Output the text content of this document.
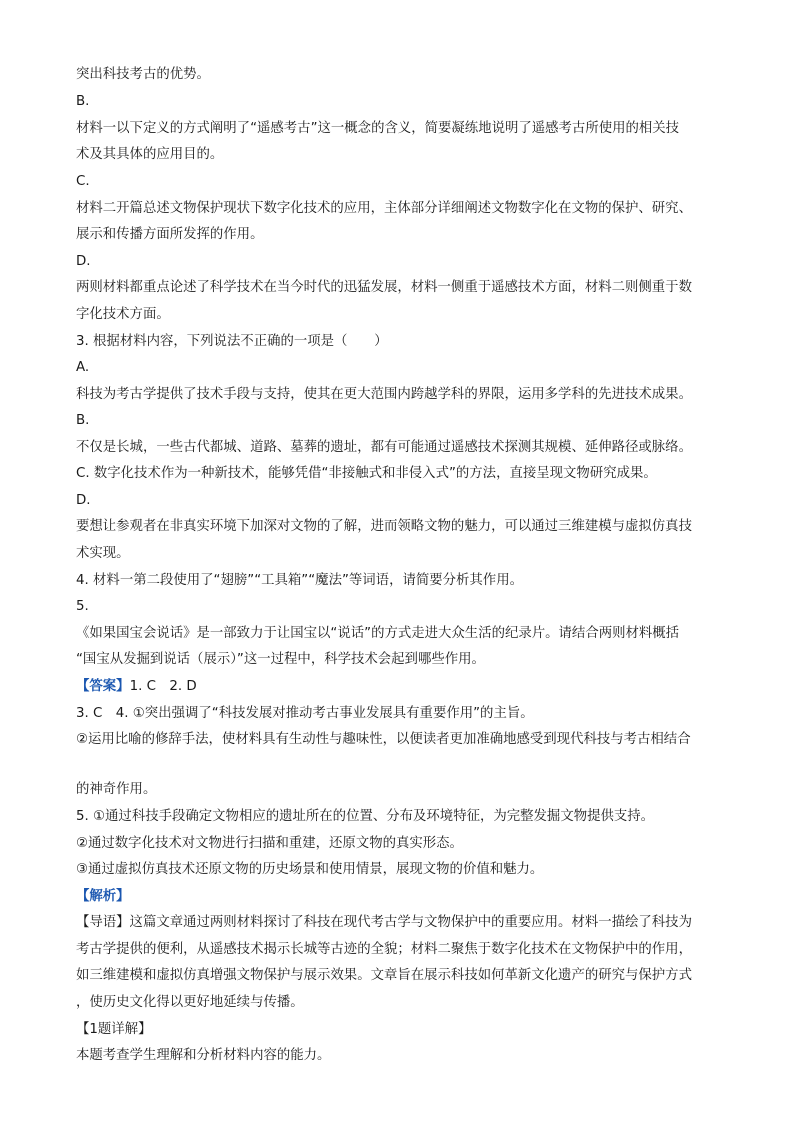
突出科技考古的优势。
B.
材料一以下定义的方式阐明了“遥感考古”这一概念的含义，简要凝练地说明了遥感考古所使用的相关技
术及其具体的应用目的。
C.
材料二开篇总述文物保护现状下数字化技术的应用，主体部分详细阐述文物数字化在文物的保护、研究、
展示和传播方面所发挥的作用。
D.
两则材料都重点论述了科学技术在当今时代的迅猛发展，材料一侧重于遥感技术方面，材料二则侧重于数
字化技术方面。
3. 根据材料内容，下列说法不正确的一项是（　　）
A.
科技为考古学提供了技术手段与支持，使其在更大范围内跨越学科的界限，运用多学科的先进技术成果。
B.
不仅是长城，一些古代都城、道路、墓葬的遗址，都有可能通过遥感技术探测其规模、延伸路径或脉络。
C. 数字化技术作为一种新技术，能够凭借“非接触式和非侵入式”的方法，直接呈现文物研究成果。
D.
要想让参观者在非真实环境下加深对文物的了解，进而领略文物的魅力，可以通过三维建模与虚拟仿真技
术实现。
4. 材料一第二段使用了“翅膀”“工具箱”“魔法”等词语，请简要分析其作用。
5.
《如果国宝会说话》是一部致力于让国宝以“说话”的方式走进大众生活的纪录片。请结合两则材料概括
“国宝从发掘到说话（展示）”这一过程中，科学技术会起到哪些作用。
【答案】1. C　2. D
3. C　4. ①突出强调了“科技发展对推动考古事业发展具有重要作用”的主旨。
②运用比喻的修辞手法，使材料具有生动性与趣味性，以便读者更加准确地感受到现代科技与考古相结合
的神奇作用。
5. ①通过科技手段确定文物相应的遗址所在的位置、分布及环境特征，为完整发掘文物提供支持。
②通过数字化技术对文物进行扫描和重建，还原文物的真实形态。
③通过虚拟仿真技术还原文物的历史场景和使用情景，展现文物的价值和魅力。
【解析】
【导语】这篇文章通过两则材料探讨了科技在现代考古学与文物保护中的重要应用。材料一描绘了科技为
考古学提供的便利，从遥感技术揭示长城等古迹的全貌；材料二聚焦于数字化技术在文物保护中的作用，
如三维建模和虚拟仿真增强文物保护与展示效果。文章旨在展示科技如何革新文化遗产的研究与保护方式
，使历史文化得以更好地延续与传播。
【1题详解】
本题考查学生理解和分析材料内容的能力。
